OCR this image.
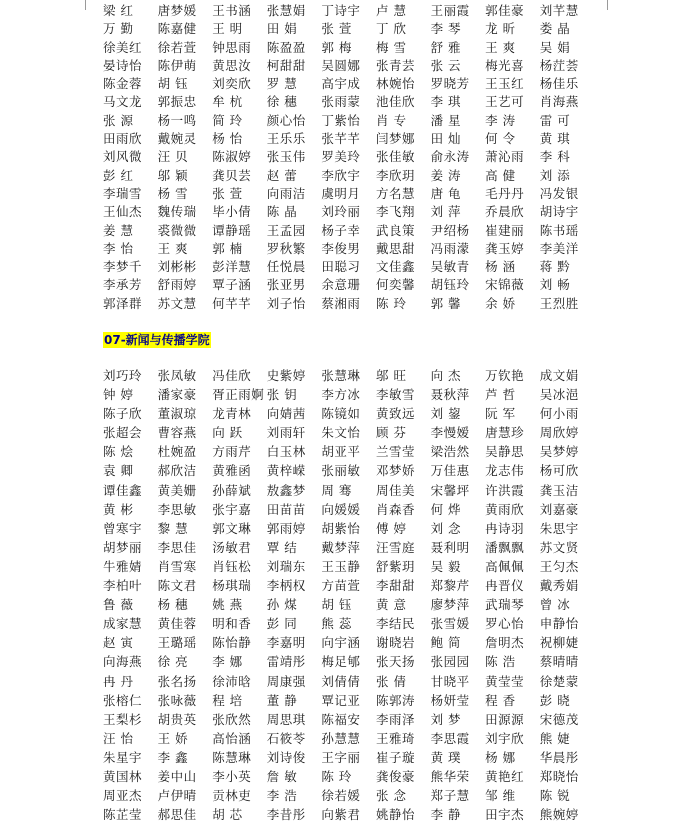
梁 红	唐梦媛	王书涵	张慧娟	丁诗宇	卢 慧	王丽霞	郭佳豪	刘芊慧
万 勤	陈嘉健	王 明	田 娟	张 萱	丁 欣	李 琴	龙 昕	娄 晶
徐美红	徐若萱	钟思雨	陈盈盈	郭 梅	梅 雪	舒 雅	王 爽	吴 娟
晏诗怡	陈伊萌	黄思汝	柯甜甜	吴圆娜	张青芸	张 云	梅光喜	杨茳荟
陈金蓉	胡 钰	刘奕欣	罗 慧	高宇成	林婉怡	罗晓芳	王玉红	杨佳乐
马文龙	郭振忠	牟 杭	徐 穗	张雨蒙	池佳欣	李 琪	王艺可	肖海燕
张 源	杨一鸣	简 玲	颜心怡	丁紫怡	肖 专	潘 星	李 涛	雷 可
田雨欣	戴婉灵	杨 怡	王乐乐	张芊芊	闫梦娜	田 灿	何 令	黄 琪
刘风微	汪 贝	陈淑婷	张玉伟	罗美玲	张佳敏	俞永涛	萧沁雨	李 科
彭 红	邬 颖	龚贝芸	赵 蕾	李欣宇	李欣玥	姜 涛	高 健	刘 添
李瑞雪	杨 雪	张 萱	向雨洁	虞明月	方名慧	唐 龟	毛丹丹	冯发银
王仙杰	魏传瑞	毕小倩	陈 晶	刘玲丽	李飞翔	刘 萍	乔晨欣	胡诗宇
姜 慧	裘微微	谭静瑶	王孟园	杨子幸	武良策	尹绍杨	崔建丽	陈书瑶
李 怡	王 爽	郭 楠	罗秋繁	李俊男	戴思甜	冯雨濛	龚玉婷	李美洋
李梦千	刘彬彬	彭洋慧	任悦晨	田聪习	文佳鑫	吴敏青	杨 涵	蒋 黔
李承芳	舒雨婷	覃子涵	张亚男	余意珊	何奕馨	胡钰玲	宋锦薇	刘 畅
郭泽群	苏文慧	何芊芊	刘子怡	蔡湘雨	陈 玲	郭 馨	余 娇	王烈胜
07-新闻与传播学院
刘巧玲	张凤敏	冯佳欣	史紫婷	张慧琳	邬 旺	向 杰	万钦艳	成文娟
钟 婷	潘家豪	胥正雨婀 张 钥	李方冰	李敏雪	聂秋萍	芦 哲	吴冰浥
陈子欣	董淑琼	龙青林	向婧茜	陈镜如	黄致远	刘 鋆	阮 军	何小雨
张超会	曹容燕	向 跃	刘雨轩	朱文怡	顾 芬	李慢嫒	唐慧珍	周欣婷
陈 烩	杜婉盈	方雨芹	白玉林	胡亚平	兰雪莹	梁浩然	吴静思	吴梦婷
袁 卿	郝欣洁	黄雅函	黄梓嵘	张丽敏	邓梦娇	万佳惠	龙志伟	杨可欣
谭佳鑫	黄美姗	孙薛斌	敖鑫梦	周 骞	周佳美	宋馨坪	许洪霞	龚玉洁
黄 彬	李思敏	张宇嘉	田苗苗	向媛媛	肖森香	何 烨	黄雨欣	刘嘉豪
曾寒宇	黎 慧	郭文琳	郭雨婷	胡紫怡	傅 婷	刘 念	冉诗羽	朱思宇
胡梦丽	李思佳	汤敏君	覃 结	戴梦萍	汪雪庭	聂利明	潘飘飘	苏文贤
牛雅婧	肖雪寒	肖钰松	刘瑞东	王玉静	舒紫玥	吴 毅	高佩佩	王匀杰
李柏叶	陈文君	杨琪瑞	李柄权	方苗萱	李甜甜	郑黎芹	冉晋仪	戴秀娟
鲁 薇	杨 穗	姚 燕	孙 煤	胡 钰	黄 意	廖梦萍	武瑞琴	曾 冰
成家慧	黄佳蓉	明和香	彭 同	熊 蕊	李结民	张雪媛	罗心怡	申静怡
赵 寅	王璐瑶	陈怡静	李嘉明	向宇涵	谢晓岩	鲍 简	詹明杰	祝柳婕
向海燕	徐 亮	李 娜	雷靖彤	梅足郇	张天扬	张园园	陈 浩	蔡晴晴
冉 丹	张名扬	徐沛晗	周康强	刘倩倩	张 倩	甘晓平	黄莹莹	徐楚蒙
张榕仁	张咏薇	程 培	董 静	覃记亚	陈郭涛	杨妍莹	程 香	彭 晓
王梨杉	胡贵英	张欣然	周思琪	陈福安	李雨泽	刘 梦	田源源	宋德茂
汪 怡	王 娇	高怡涵	石筱苓	孙慧慧	王雅琦	李思霞	刘宇欣	熊 婕
朱星宇	李 鑫	陈慧琳	刘诗俊	王字丽	崔子璇	黄 璞	杨 娜	华晨彤
黄国林	姜中山	李小英	詹 敏	陈 玲	龚俊豪	熊华荣	黄艳红	郑晓怡
周亚杰	卢伊晴	贡林吏	李 浩	徐若媛	张 念	郑子慧	邹 维	陈 锐
陈芷莹	郝思佳	胡 芯	李昔彤	向紫君	姚静怡	李 静	田宇杰	熊婉婷
